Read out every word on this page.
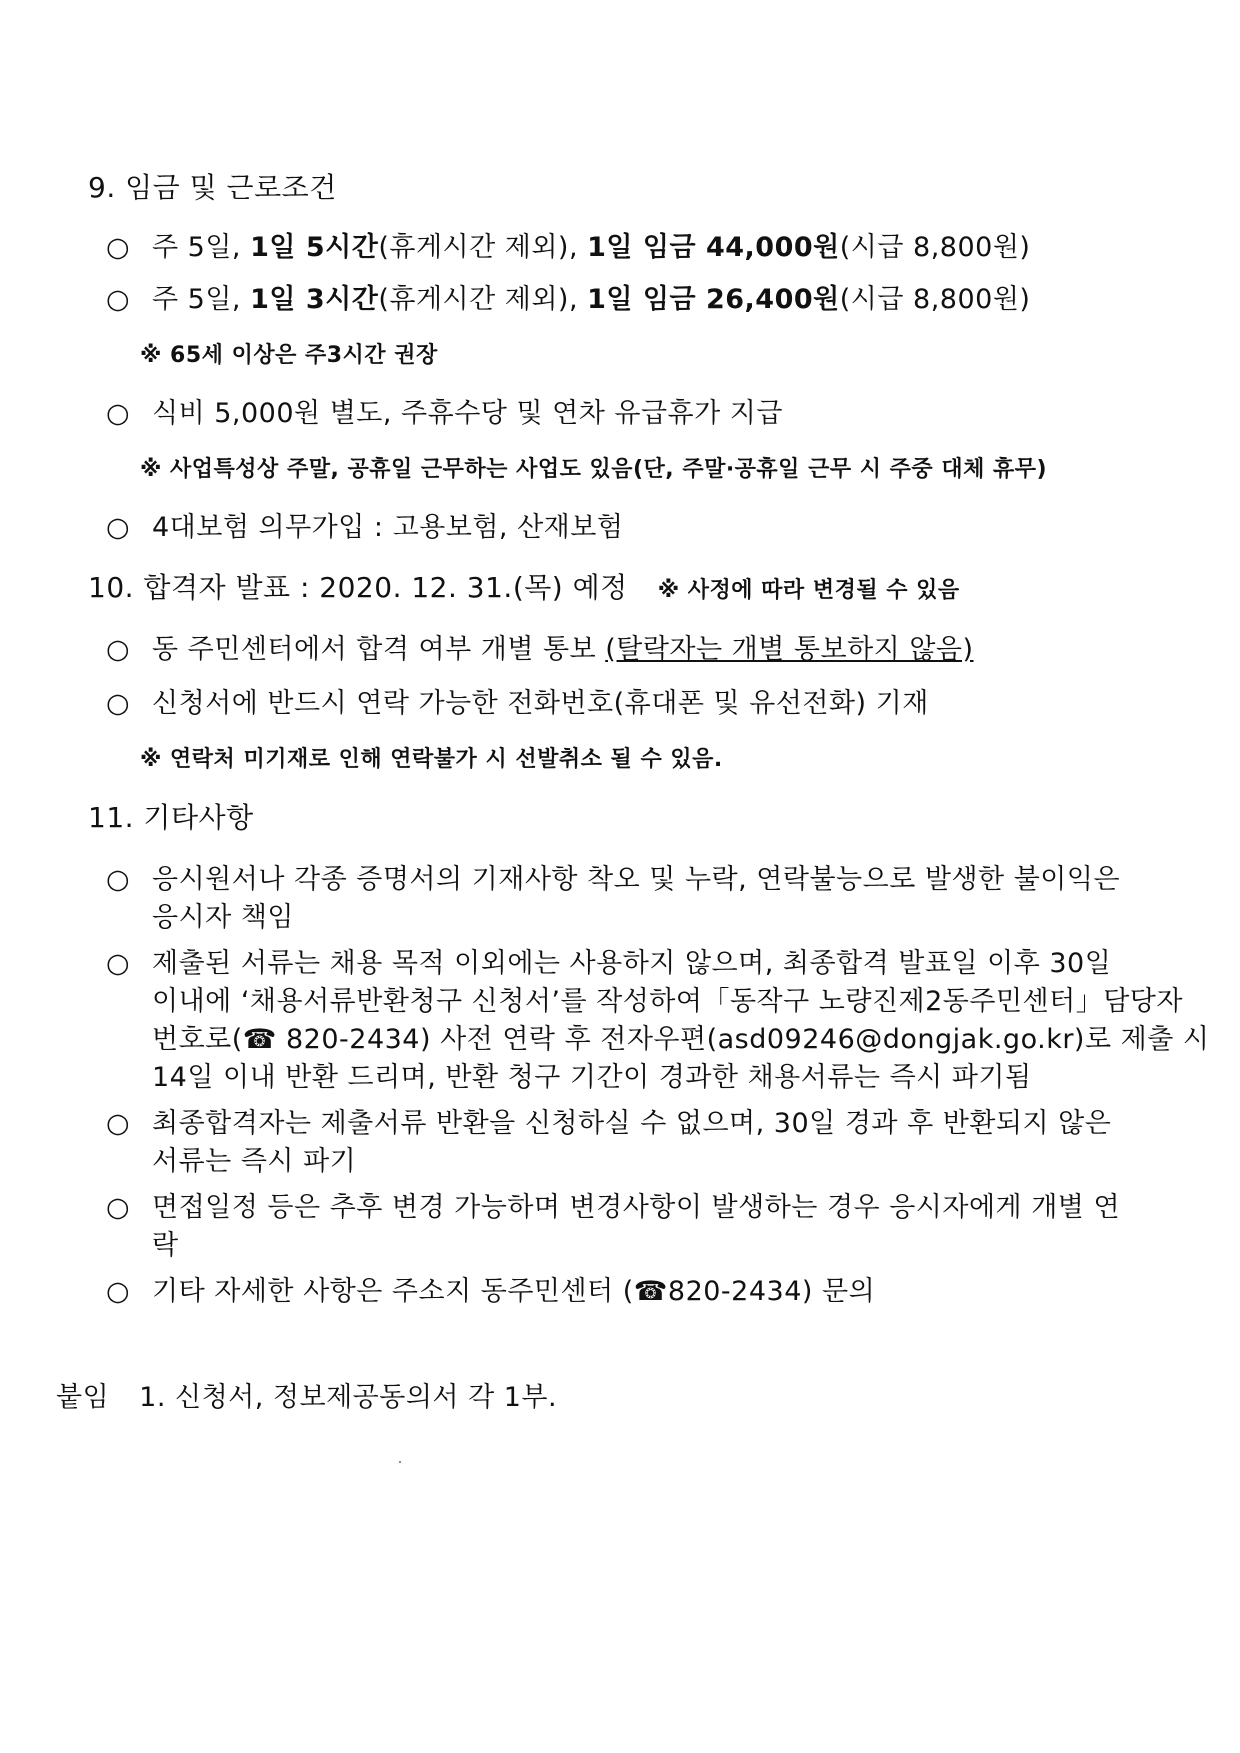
9. 임금 및 근로조건
○ 주 5일, 1일 5시간(휴게시간 제외), 1일 임금 44,000원(시급 8,800원)
○ 주 5일, 1일 3시간(휴게시간 제외), 1일 임금 26,400원(시급 8,800원)
※ 65세 이상은 주3시간 권장
○ 식비 5,000원 별도, 주휴수당 및 연차 유급휴가 지급
※ 사업특성상 주말, 공휴일 근무하는 사업도 있음(단, 주말·공휴일 근무 시 주중 대체 휴무)
○ 4대보험 의무가입 : 고용보험, 산재보험
10. 합격자 발표 : 2020. 12. 31.(목) 예정 ※ 사정에 따라 변경될 수 있음
○ 동 주민센터에서 합격 여부 개별 통보 (탈락자는 개별 통보하지 않음)
○ 신청서에 반드시 연락 가능한 전화번호(휴대폰 및 유선전화) 기재
※ 연락처 미기재로 인해 연락불가 시 선발취소 될 수 있음.
11. 기타사항
○ 응시원서나 각종 증명서의 기재사항 착오 및 누락, 연락불능으로 발생한 불이익은
응시자 책임
○ 제출된 서류는 채용 목적 이외에는 사용하지 않으며, 최종합격 발표일 이후 30일
이내에 ‘채용서류반환청구 신청서’를 작성하여「동작구 노량진제2동주민센터」담당자
번호로(☎ 820-2434) 사전 연락 후 전자우편(asd09246@dongjak.go.kr)로 제출 시
14일 이내 반환 드리며, 반환 청구 기간이 경과한 채용서류는 즉시 파기됨
○ 최종합격자는 제출서류 반환을 신청하실 수 없으며, 30일 경과 후 반환되지 않은
서류는 즉시 파기
○ 면접일정 등은 추후 변경 가능하며 변경사항이 발생하는 경우 응시자에게 개별 연
락
○ 기타 자세한 사항은 주소지 동주민센터 (☎820-2434) 문의
붙임 1. 신청서, 정보제공동의서 각 1부.
